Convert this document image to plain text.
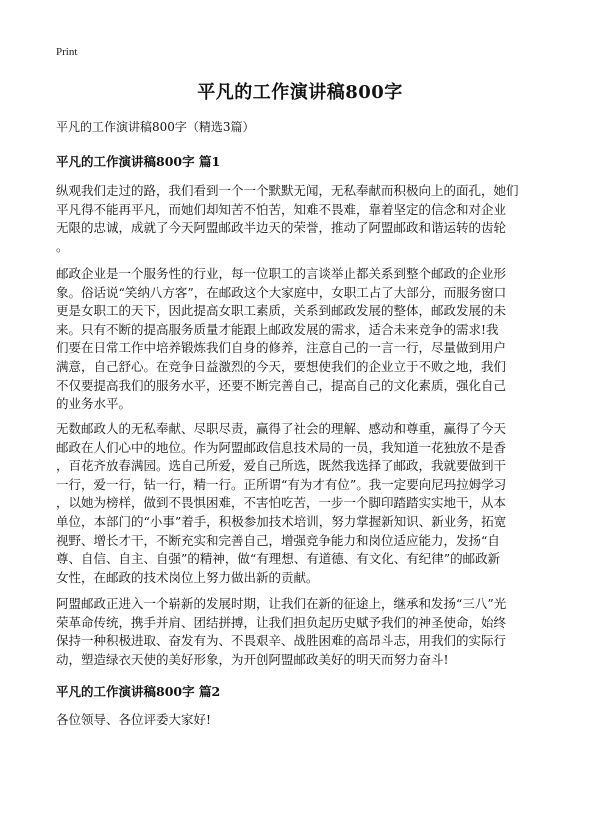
Print
平凡的工作演讲稿800字
平凡的工作演讲稿800字（精选3篇）
平凡的工作演讲稿800字 篇1
纵观我们走过的路，我们看到一个一个默默无闻，无私奉献而积极向上的面孔，她们
平凡得不能再平凡，而她们却知苦不怕苦，知难不畏难，靠着坚定的信念和对企业
无限的忠诚，成就了今天阿盟邮政半边天的荣誉，推动了阿盟邮政和谐运转的齿轮
。
邮政企业是一个服务性的行业，每一位职工的言谈举止都关系到整个邮政的企业形
象。俗话说“笑纳八方客”，在邮政这个大家庭中，女职工占了大部分，而服务窗口
更是女职工的天下，因此提高女职工素质，关系到邮政发展的整体，邮政发展的未
来。只有不断的提高服务质量才能跟上邮政发展的需求，适合未来竞争的需求!我
们要在日常工作中培养锻炼我们自身的修养，注意自己的一言一行，尽量做到用户
满意，自己舒心。在竞争日益激烈的今天，要想使我们的企业立于不败之地，我们
不仅要提高我们的服务水平，还要不断完善自己，提高自己的文化素质，强化自己
的业务水平。
无数邮政人的无私奉献、尽职尽责，赢得了社会的理解、感动和尊重，赢得了今天
邮政在人们心中的地位。作为阿盟邮政信息技术局的一员，我知道一花独放不是香
，百花齐放春满园。选自己所爱，爱自己所选，既然我选择了邮政，我就要做到干
一行，爱一行，钻一行，精一行。正所谓“有为才有位”。我一定要向尼玛拉姆学习
，以她为榜样，做到不畏惧困难，不害怕吃苦，一步一个脚印踏踏实实地干，从本
单位，本部门的“小事”着手，积极参加技术培训，努力掌握新知识、新业务，拓宽
视野、增长才干，不断充实和完善自己，增强竞争能力和岗位适应能力，发扬“自
尊、自信、自主、自强”的精神，做“有理想、有道德、有文化、有纪律”的邮政新
女性，在邮政的技术岗位上努力做出新的贡献。
阿盟邮政正进入一个崭新的发展时期，让我们在新的征途上，继承和发扬“三八”光
荣革命传统，携手并肩、团结拼搏，让我们担负起历史赋予我们的神圣使命，始终
保持一种积极进取、奋发有为、不畏艰辛、战胜困难的高昂斗志，用我们的实际行
动，塑造绿衣天使的美好形象，为开创阿盟邮政美好的明天而努力奋斗!
平凡的工作演讲稿800字 篇2
各位领导、各位评委大家好!
